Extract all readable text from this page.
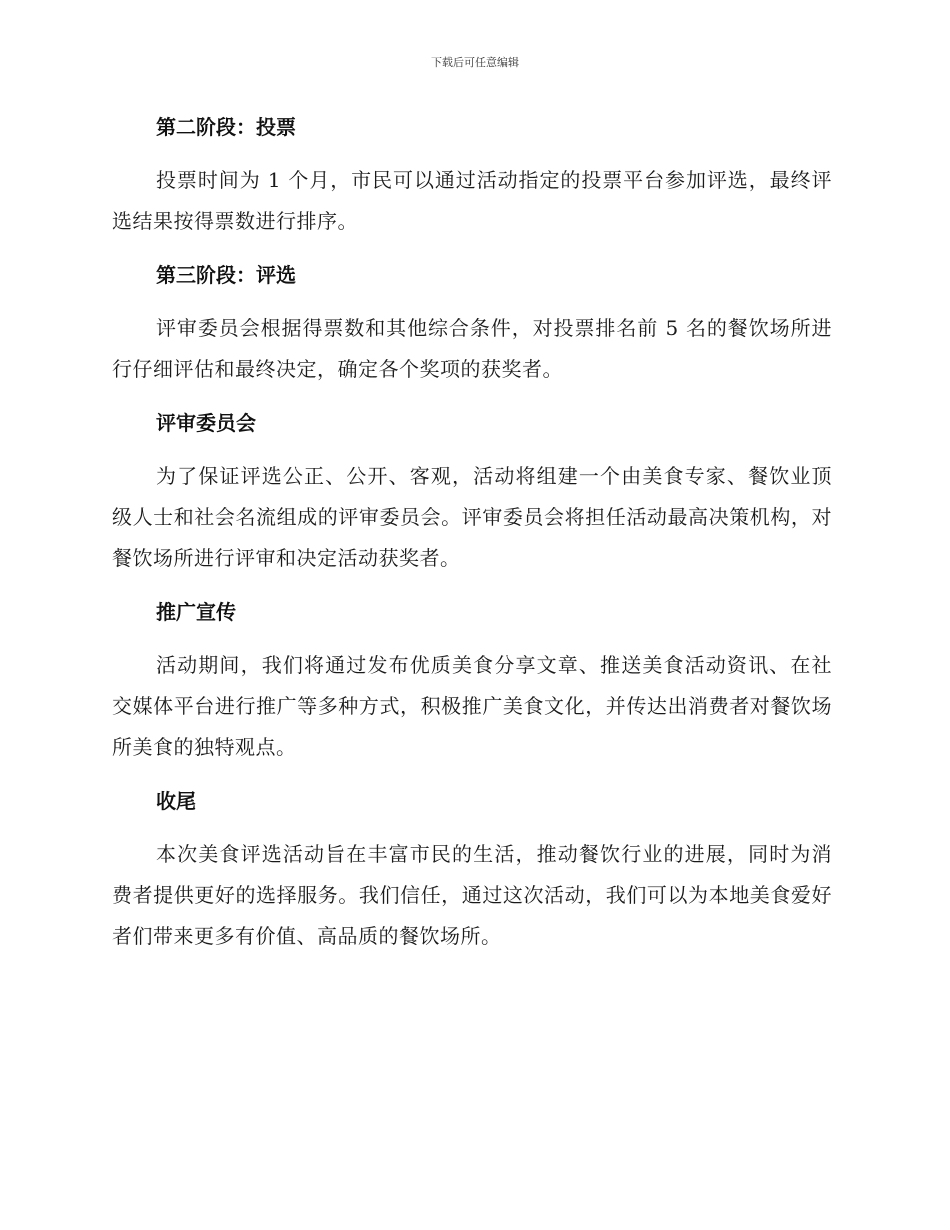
下载后可任意编辑
第二阶段：投票

投票时间为 1 个月，市民可以通过活动指定的投票平台参加评选，最终评选结果按得票数进行排序。

第三阶段：评选

评审委员会根据得票数和其他综合条件，对投票排名前 5 名的餐饮场所进行仔细评估和最终决定，确定各个奖项的获奖者。

评审委员会

为了保证评选公正、公开、客观，活动将组建一个由美食专家、餐饮业顶级人士和社会名流组成的评审委员会。评审委员会将担任活动最高决策机构，对餐饮场所进行评审和决定活动获奖者。

推广宣传

活动期间，我们将通过发布优质美食分享文章、推送美食活动资讯、在社交媒体平台进行推广等多种方式，积极推广美食文化，并传达出消费者对餐饮场所美食的独特观点。

收尾

本次美食评选活动旨在丰富市民的生活，推动餐饮行业的进展，同时为消费者提供更好的选择服务。我们信任，通过这次活动，我们可以为本地美食爱好者们带来更多有价值、高品质的餐饮场所。
